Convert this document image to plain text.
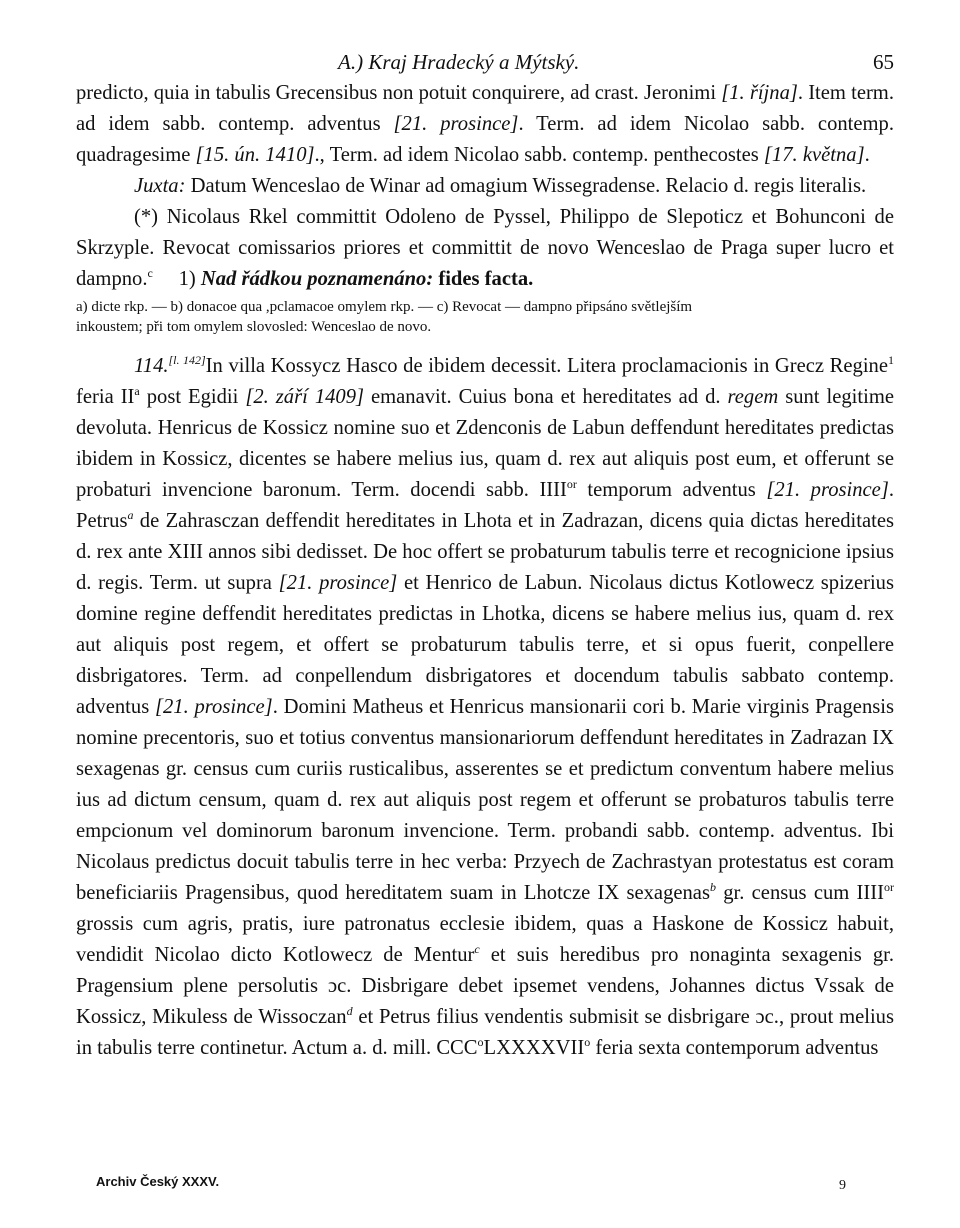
A.) Kraj Hradecký a Mýtský.	65

predicto, quia in tabulis Grecensibus non potuit conquirere, ad crast. Jeronimi [1. října]. Item term. ad idem sabb. contemp. adventus [21. prosince]. Term. ad idem Nicolao sabb. contemp. quadragesime [15. ún. 1410]., Term. ad idem Nicolao sabb. contemp. penthecostes [17. května].

Juxta: Datum Wenceslao de Winar ad omagium Wissegradense. Relacio d. regis literalis.

(*) Nicolaus Rkel committit Odoleno de Pyssel, Philippo de Slepoticz et Bohunconi de Skrzyple. Revocat comissarios priores et committit de novo Wenceslao de Praga super lucro et dampno.$^c$ 1) Nad řádkou poznamenáno: fides facta.

a) dicte rkp. — b) donacoe qua ,pclamacoe omylem rkp. — c) Revocat — dampno připsáno světlejším

inkoustem; při tom omylem slovosled: Wenceslao de novo.

114.[l. 142]In villa Kossycz Hasco de ibidem decessit. Litera proclamacionis in Grecz Regine$^1$ feria $II^a$ post Egidii [2. září 1409] emanavit. Cuius bona et hereditates ad d. regem sunt legitime devoluta. Henricus de Kossicz nomine suo et Zdenconis de Labun deffendunt hereditates predictas ibidem in Kossicz, dicentes se habere melius ius, quam d. rex aut aliquis post eum, et offerunt se probaturi invencione baronum. Term. docendi sabb. $IIII^{or}$ temporum adventus [21. prosince]. Petrus$^a$ de Zahrasczan deffendit hereditates in Lhota et in Zadrazan, dicens quia dictas hereditates d. rex ante XIII annos sibi dedisset. De hoc offert se probaturum tabulis terre et recognicione ipsius d. regis. Term. ut supra [21. prosince] et Henrico de Labun. Nicolaus dictus Kotlowecz spizerius domine regine deffendit hereditates predictas in Lhotka, dicens se habere melius ius, quam d. rex aut aliquis post regem, et offert se probaturum tabulis terre, et si opus fuerit, conpellere disbrigatores. Term. ad conpellendum disbrigatores et docendum tabulis sabbato contemp. adventus [21. prosince]. Domini Matheus et Henricus mansionarii cori b. Marie virginis Pragensis nomine precentoris, suo et totius conventus mansionariorum deffendunt hereditates in Zadrazan IX sexagenas gr. census cum curiis rusticalibus, asserentes se et predictum conventum habere melius ius ad dictum censum, quam d. rex aut aliquis post regem et offerunt se probaturos tabulis terre empcionum vel dominorum baronum invencione. Term. probandi sabb. contemp. adventus. Ibi Nicolaus predictus docuit tabulis terre in hec verba: Przyech de Zachrastyan protestatus est coram beneficiariis Pragensibus, quod hereditatem suam in Lhotcze IX sexagenas$^b$ gr. census cum $IIII^{or}$ grossis cum agris, pratis, iure patronatus ecclesie ibidem, quas a Haskone de Kossicz habuit, vendidit Nicolao dicto Kotlowecz de Mentur$^c$ et suis heredibus pro nonaginta sexagenis gr. Pragensium plene persolutis ɔc. Disbrigare debet ipsemet vendens, Johannes dictus Vssak de Kossicz, Mikuless de Wissoczan$^d$ et Petrus filius vendentis submisit se disbrigare ɔc., prout melius in tabulis terre continetur. Actum a. d. mill. CCC$^o$LXXXXVII$^o$ feria sexta contemporum adventus

Archiv Český XXXV.	9
